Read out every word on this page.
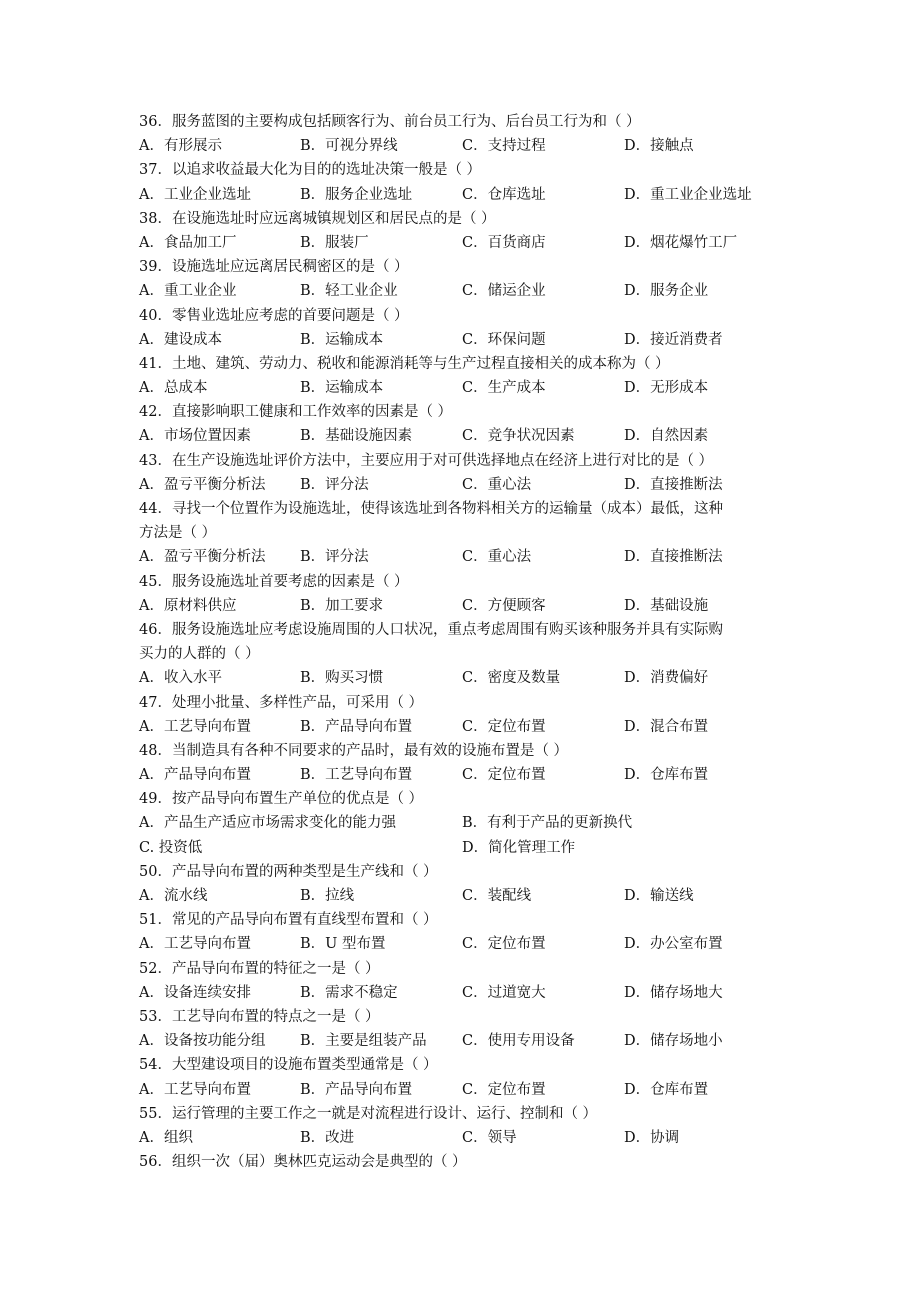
36．服务蓝图的主要构成包括顾客行为、前台员工行为、后台员工行为和（ ）
A．有形展示	B．可视分界线	C．支持过程	D．接触点
37．以追求收益最大化为目的的选址决策一般是（ ）
A．工业企业选址	B．服务企业选址	C．仓库选址	D．重工业企业选址
38．在设施选址时应远离城镇规划区和居民点的是（ ）
A．食品加工厂	B．服装厂	C．百货商店	D．烟花爆竹工厂
39．设施选址应远离居民稠密区的是（ ）
A．重工业企业	B．轻工业企业	C．储运企业	D．服务企业
40．零售业选址应考虑的首要问题是（ ）
A．建设成本	B．运输成本	C．环保问题	D．接近消费者
41．土地、建筑、劳动力、税收和能源消耗等与生产过程直接相关的成本称为（ ）
A．总成本	B．运输成本	C．生产成本	D．无形成本
42．直接影响职工健康和工作效率的因素是（ ）
A．市场位置因素	B．基础设施因素	C．竞争状况因素	D．自然因素
43．在生产设施选址评价方法中，主要应用于对可供选择地点在经济上进行对比的是（ ）
A．盈亏平衡分析法 B．评分法	C．重心法	D．直接推断法
44．寻找一个位置作为设施选址，使得该选址到各物料相关方的运输量（成本）最低，这种
方法是（ ）
A．盈亏平衡分析法 B．评分法	C．重心法	D．直接推断法
45．服务设施选址首要考虑的因素是（ ）
A．原材料供应	B．加工要求	C．方便顾客	D．基础设施
46．服务设施选址应考虑设施周围的人口状况，重点考虑周围有购买该种服务并具有实际购
买力的人群的（ ）
A．收入水平	B．购买习惯	C．密度及数量	D．消费偏好
47．处理小批量、多样性产品，可采用（ ）
A．工艺导向布置	B．产品导向布置	C．定位布置	D．混合布置
48．当制造具有各种不同要求的产品时，最有效的设施布置是（ ）
A．产品导向布置	B．工艺导向布置	C．定位布置	D．仓库布置
49．按产品导向布置生产单位的优点是（ ）
A．产品生产适应市场需求变化的能力强	B．有利于产品的更新换代
C. 投资低	D．简化管理工作
50．产品导向布置的两种类型是生产线和（ ）
A．流水线	B．拉线	C．装配线	D．输送线
51．常见的产品导向布置有直线型布置和（ ）
A．工艺导向布置	B．U 型布置	C．定位布置	D．办公室布置
52．产品导向布置的特征之一是（ ）
A．设备连续安排	B．需求不稳定	C．过道宽大	D．储存场地大
53．工艺导向布置的特点之一是（ ）
A．设备按功能分组 B．主要是组装产品 C．使用专用设备	D．储存场地小
54．大型建设项目的设施布置类型通常是（ ）
A．工艺导向布置	B．产品导向布置	C．定位布置	D．仓库布置
55．运行管理的主要工作之一就是对流程进行设计、运行、控制和（ ）
A．组织	B．改进	C．领导	D．协调
56．组织一次（届）奥林匹克运动会是典型的（ ）
